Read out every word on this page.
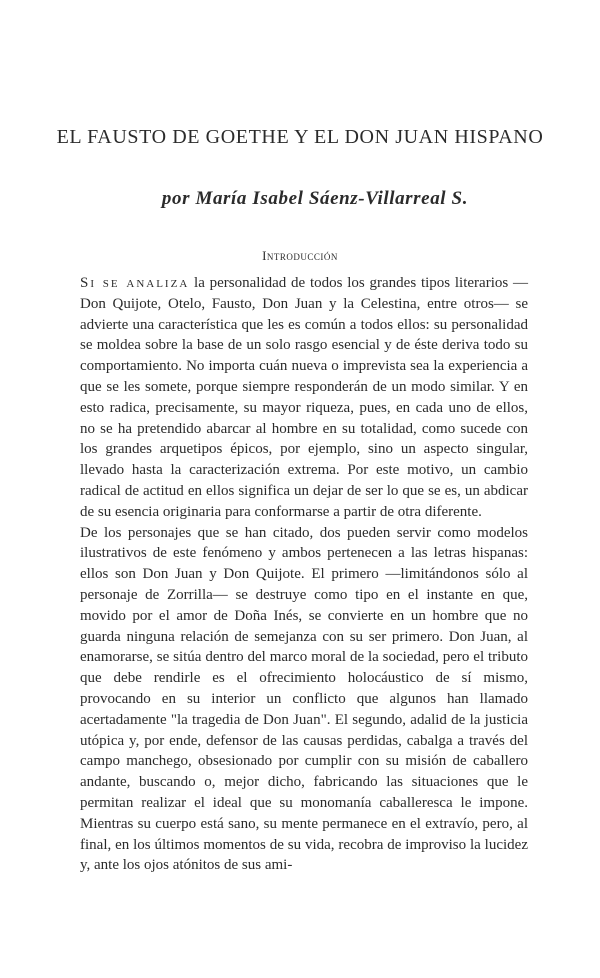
EL FAUSTO DE GOETHE Y EL DON JUAN HISPANO
por María Isabel Sáenz-Villarreal S.
Introducción

Si se analiza la personalidad de todos los grandes tipos literarios —Don Quijote, Otelo, Fausto, Don Juan y la Celestina, entre otros— se advierte una característica que les es común a todos ellos: su personalidad se moldea sobre la base de un solo rasgo esencial y de éste deriva todo su comportamiento. No importa cuán nueva o imprevista sea la experiencia a que se les somete, porque siempre responderán de un modo similar. Y en esto radica, precisamente, su mayor riqueza, pues, en cada uno de ellos, no se ha pretendido abarcar al hombre en su totalidad, como sucede con los grandes arquetipos épicos, por ejemplo, sino un aspecto singular, llevado hasta la caracterización extrema. Por este motivo, un cambio radical de actitud en ellos significa un dejar de ser lo que se es, un abdicar de su esencia originaria para conformarse a partir de otra diferente.

De los personajes que se han citado, dos pueden servir como modelos ilustrativos de este fenómeno y ambos pertenecen a las letras hispanas: ellos son Don Juan y Don Quijote. El primero —limitándonos sólo al personaje de Zorrilla— se destruye como tipo en el instante en que, movido por el amor de Doña Inés, se convierte en un hombre que no guarda ninguna relación de semejanza con su ser primero. Don Juan, al enamorarse, se sitúa dentro del marco moral de la sociedad, pero el tributo que debe rendirle es el ofrecimiento holocáustico de sí mismo, provocando en su interior un conflicto que algunos han llamado acertadamente "la tragedia de Don Juan". El segundo, adalid de la justicia utópica y, por ende, defensor de las causas perdidas, cabalga a través del campo manchego, obsesionado por cumplir con su misión de caballero andante, buscando o, mejor dicho, fabricando las situaciones que le permitan realizar el ideal que su monomanía caballeresca le impone. Mientras su cuerpo está sano, su mente permanece en el extravío, pero, al final, en los últimos momentos de su vida, recobra de improviso la lucidez y, ante los ojos atónitos de sus ami-
